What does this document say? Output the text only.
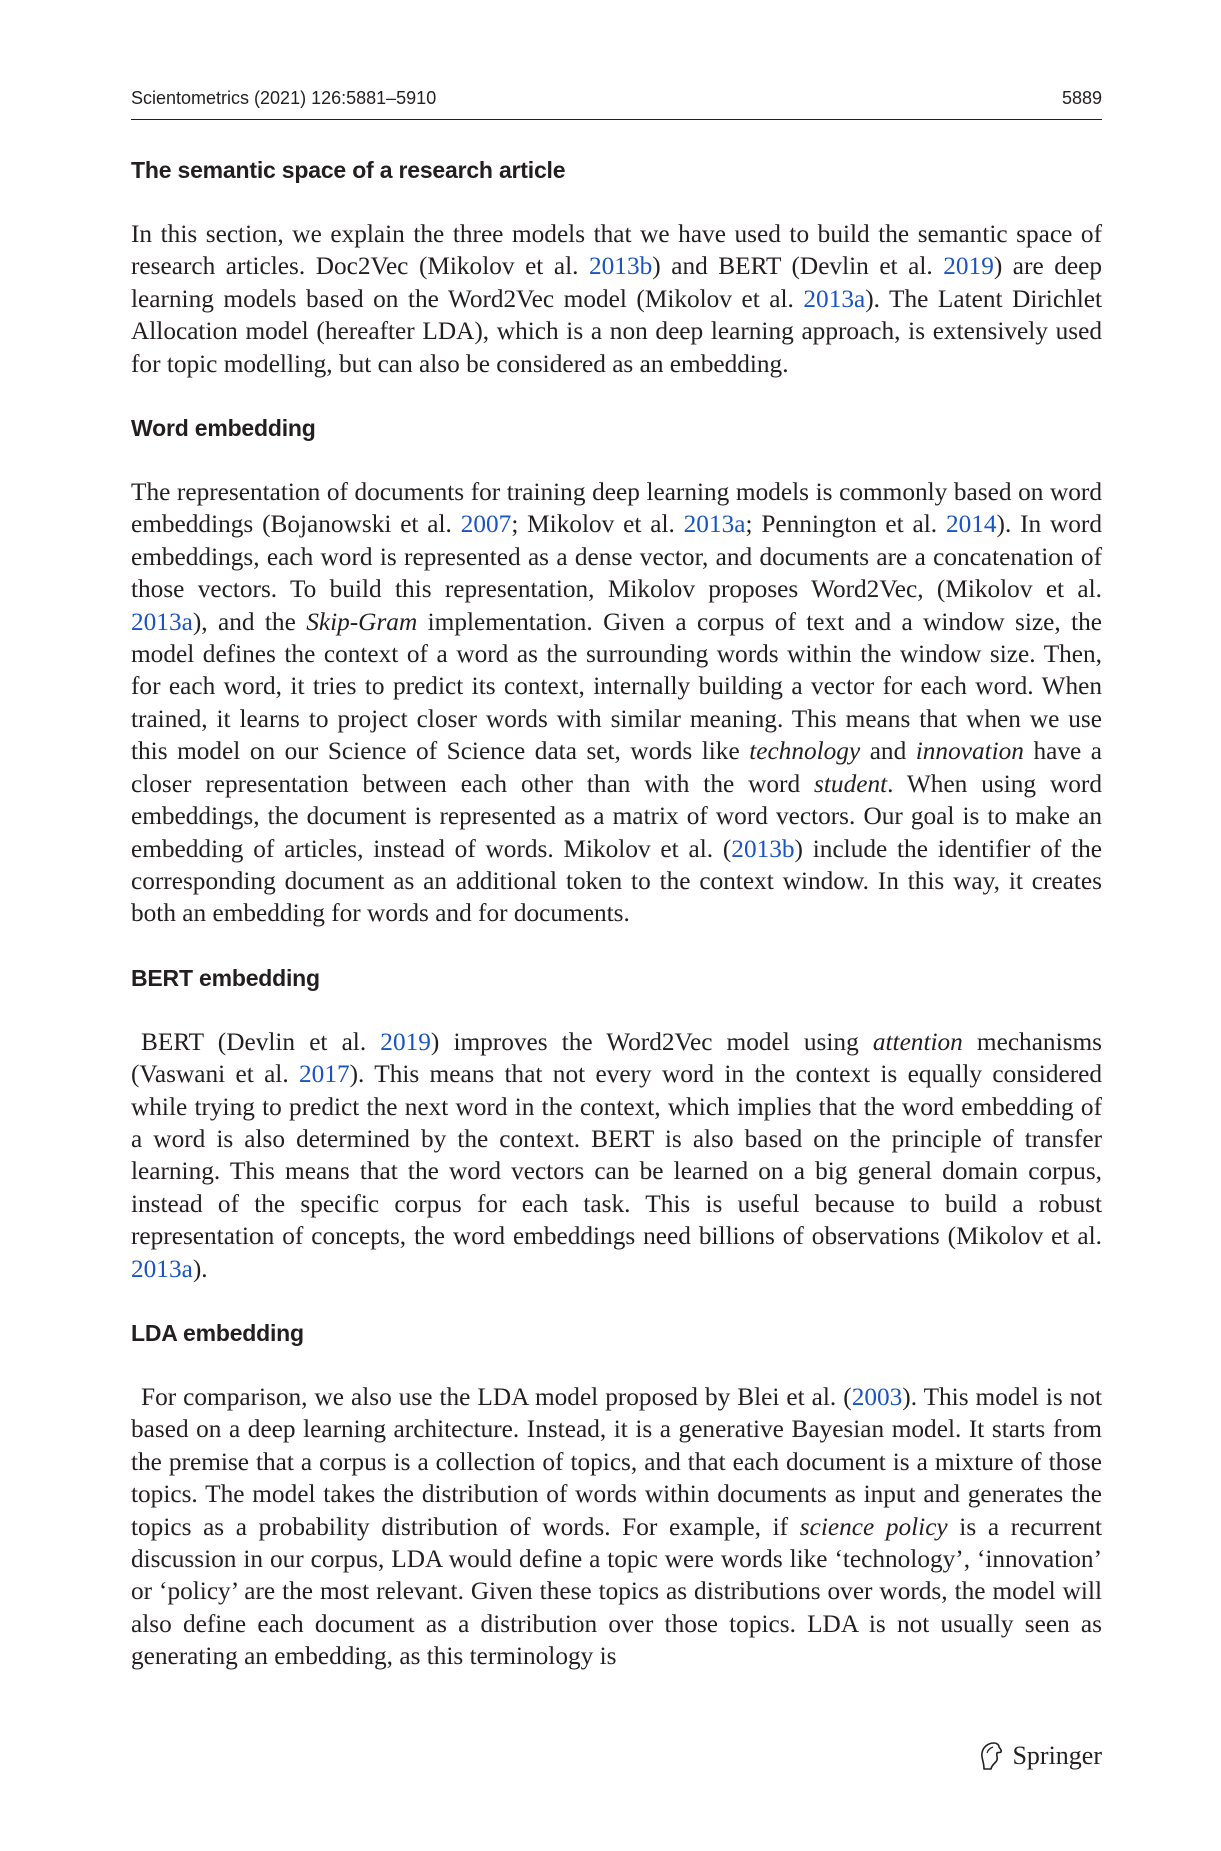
Scientometrics (2021) 126:5881–5910	5889
The semantic space of a research article

In this section, we explain the three models that we have used to build the semantic space of research articles. Doc2Vec (Mikolov et al. 2013b) and BERT (Devlin et al. 2019) are deep learning models based on the Word2Vec model (Mikolov et al. 2013a). The Latent Dirichlet Allocation model (hereafter LDA), which is a non deep learning approach, is extensively used for topic modelling, but can also be considered as an embedding.

Word embedding

The representation of documents for training deep learning models is commonly based on word embeddings (Bojanowski et al. 2007; Mikolov et al. 2013a; Pennington et al. 2014). In word embeddings, each word is represented as a dense vector, and documents are a concatenation of those vectors. To build this representation, Mikolov proposes Word2Vec, (Mikolov et al. 2013a), and the Skip-Gram implementation. Given a corpus of text and a window size, the model defines the context of a word as the surrounding words within the window size. Then, for each word, it tries to predict its context, internally building a vector for each word. When trained, it learns to project closer words with similar meaning. This means that when we use this model on our Science of Science data set, words like technology and innovation have a closer representation between each other than with the word student. When using word embeddings, the document is represented as a matrix of word vectors. Our goal is to make an embedding of articles, instead of words. Mikolov et al. (2013b) include the identifier of the corresponding document as an additional token to the context window. In this way, it creates both an embedding for words and for documents.

BERT embedding

BERT (Devlin et al. 2019) improves the Word2Vec model using attention mechanisms (Vaswani et al. 2017). This means that not every word in the context is equally considered while trying to predict the next word in the context, which implies that the word embedding of a word is also determined by the context. BERT is also based on the principle of transfer learning. This means that the word vectors can be learned on a big general domain corpus, instead of the specific corpus for each task. This is useful because to build a robust representation of concepts, the word embeddings need billions of observations (Mikolov et al. 2013a).

LDA embedding

For comparison, we also use the LDA model proposed by Blei et al. (2003). This model is not based on a deep learning architecture. Instead, it is a generative Bayesian model. It starts from the premise that a corpus is a collection of topics, and that each document is a mixture of those topics. The model takes the distribution of words within documents as input and generates the topics as a probability distribution of words. For example, if science policy is a recurrent discussion in our corpus, LDA would define a topic were words like ‘technology’, ‘innovation’ or ‘policy’ are the most relevant. Given these topics as distributions over words, the model will also define each document as a distribution over those topics. LDA is not usually seen as generating an embedding, as this terminology is

Springer
